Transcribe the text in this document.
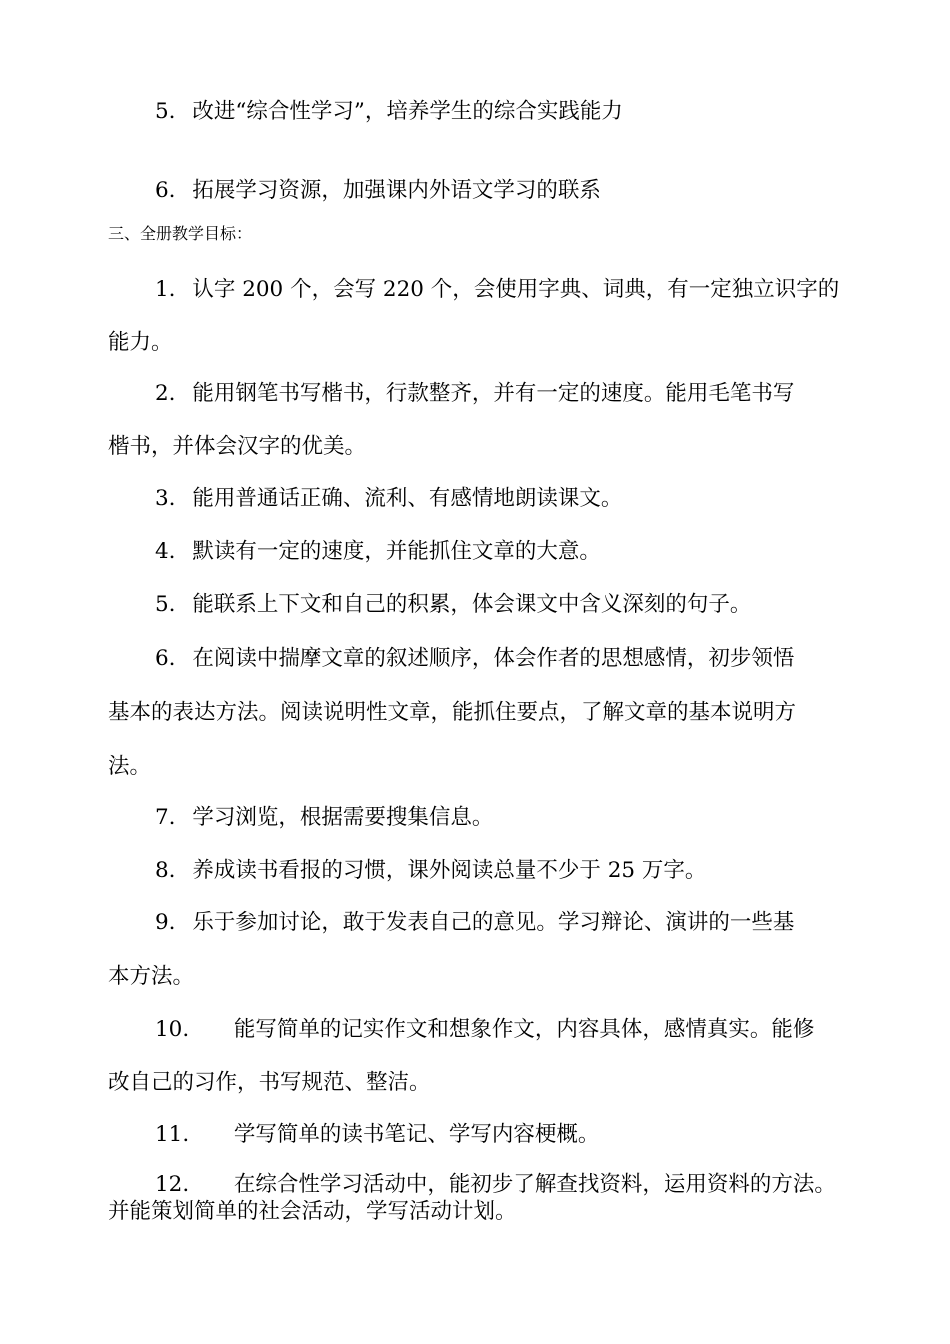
5. 改进“综合性学习”，培养学生的综合实践能力
6. 拓展学习资源，加强课内外语文学习的联系
三、全册教学目标：
1. 认字 200 个，会写 220 个，会使用字典、词典，有一定独立识字的
能力。
2. 能用钢笔书写楷书，行款整齐，并有一定的速度。能用毛笔书写
楷书，并体会汉字的优美。
3. 能用普通话正确、流利、有感情地朗读课文。
4. 默读有一定的速度，并能抓住文章的大意。
5. 能联系上下文和自己的积累，体会课文中含义深刻的句子。
6. 在阅读中揣摩文章的叙述顺序，体会作者的思想感情，初步领悟
基本的表达方法。阅读说明性文章，能抓住要点，了解文章的基本说明方
法。
7. 学习浏览，根据需要搜集信息。
8. 养成读书看报的习惯，课外阅读总量不少于 25 万字。
9. 乐于参加讨论，敢于发表自己的意见。学习辩论、演讲的一些基
本方法。
10. 能写简单的记实作文和想象作文，内容具体，感情真实。能修
改自己的习作，书写规范、整洁。
11. 学写简单的读书笔记、学写内容梗概。
12. 在综合性学习活动中，能初步了解查找资料，运用资料的方法。
并能策划简单的社会活动，学写活动计划。
